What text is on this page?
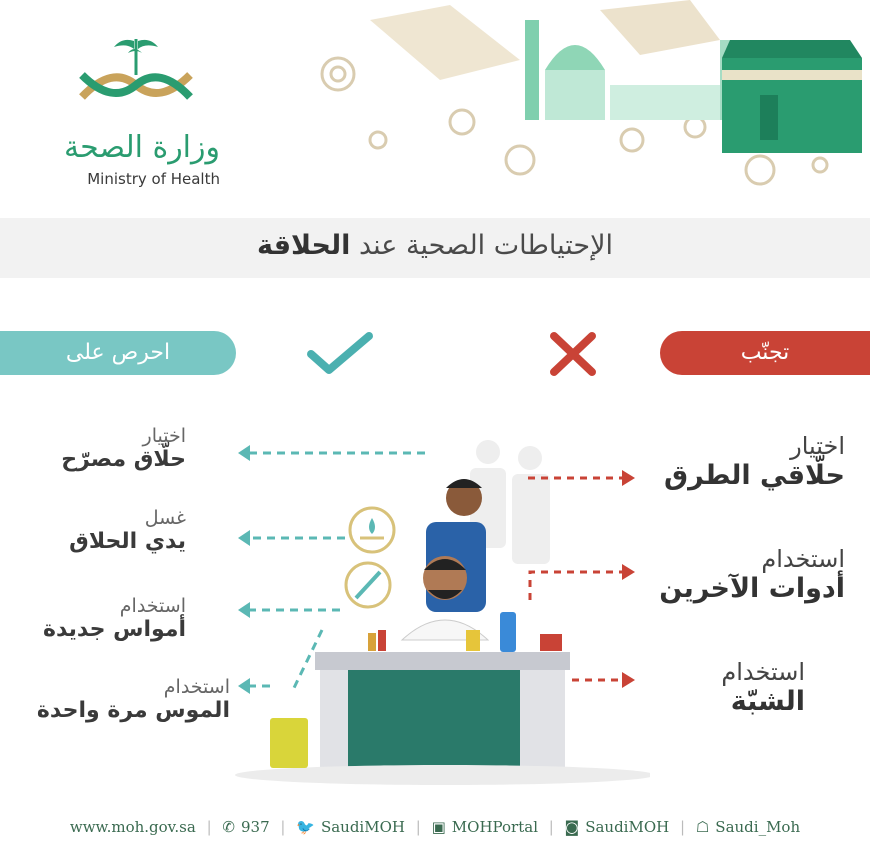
وزارة الصحة
Ministry of Health
الإحتياطات الصحية عند الحلاقة
تجنّب
احرص على
اختيار
حلّاقي الطرق
استخدام
أدوات الآخرين
استخدام
الشبّة
اختيار
حلّاق مصرّح
غسل
يدي الحلاق
استخدام
أمواس جديدة
استخدام
الموس مرة واحدة
www.moh.gov.sa | ✆ 937 | 🐦 SaudiMOH | ▣ MOHPortal | ◙ SaudiMOH | ☖ Saudi_Moh
